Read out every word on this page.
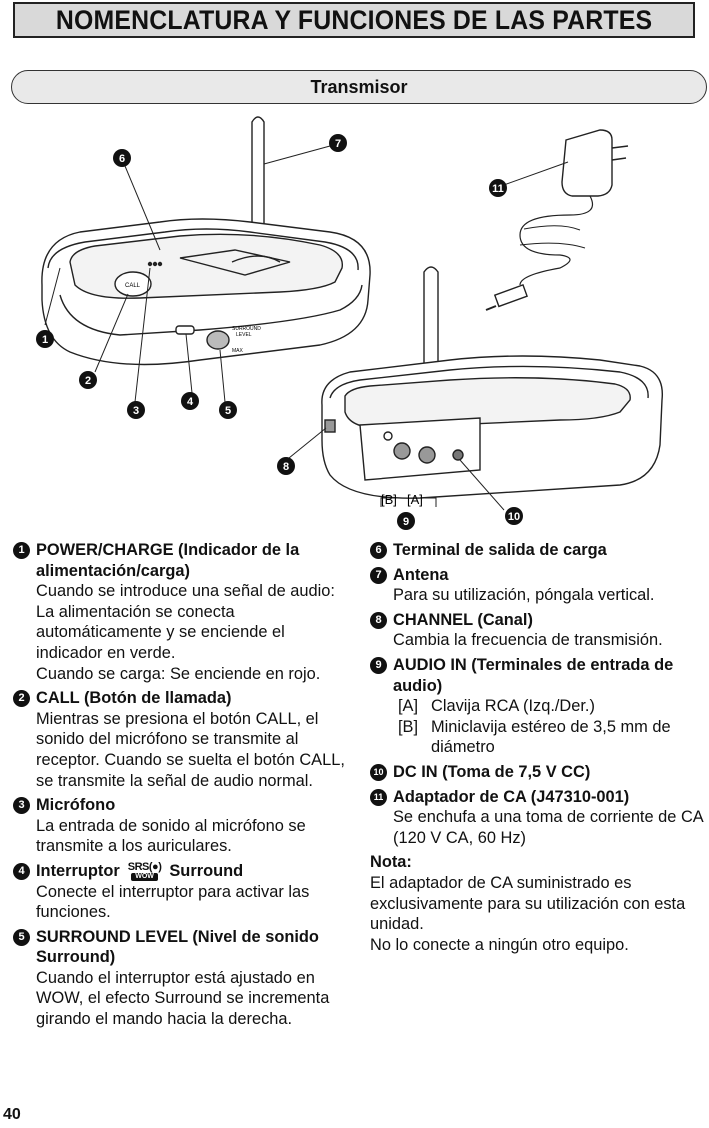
NOMENCLATURA Y FUNCIONES DE LAS PARTES
Transmisor
CALL
SURROUND
LEVEL
MAX
1
2
3
4
5
6
7
8
9	10
11
[B] [A]
1 POWER/CHARGE (Indicador de la alimentación/carga)
Cuando se introduce una señal de audio: La alimentación se conecta automáticamente y se enciende el indicador en verde.
Cuando se carga: Se enciende en rojo.
2 CALL (Botón de llamada)
Mientras se presiona el botón CALL, el sonido del micrófono se transmite al receptor. Cuando se suelta el botón CALL, se transmite la señal de audio normal.
3 Micrófono
La entrada de sonido al micrófono se transmite a los auriculares.
4 Interruptor SRS(●)
WOW Surround
Conecte el interruptor para activar las funciones.
5 SURROUND LEVEL (Nivel de sonido Surround)
Cuando el interruptor está ajustado en WOW, el efecto Surround se incrementa girando el mando hacia la derecha.
6 Terminal de salida de carga
7 Antena
Para su utilización, póngala vertical.
8 CHANNEL (Canal)
Cambia la frecuencia de transmisión.
9 AUDIO IN (Terminales de entrada de audio)
[A] Clavija RCA (Izq./Der.)
[B] Miniclavija estéreo de 3,5 mm de diámetro
10 DC IN (Toma de 7,5 V CC)
11 Adaptador de CA (J47310-001)
Se enchufa a una toma de corriente de CA (120 V CA, 60 Hz)
Nota:
El adaptador de CA suministrado es exclusivamente para su utilización con esta unidad.
No lo conecte a ningún otro equipo.
40
